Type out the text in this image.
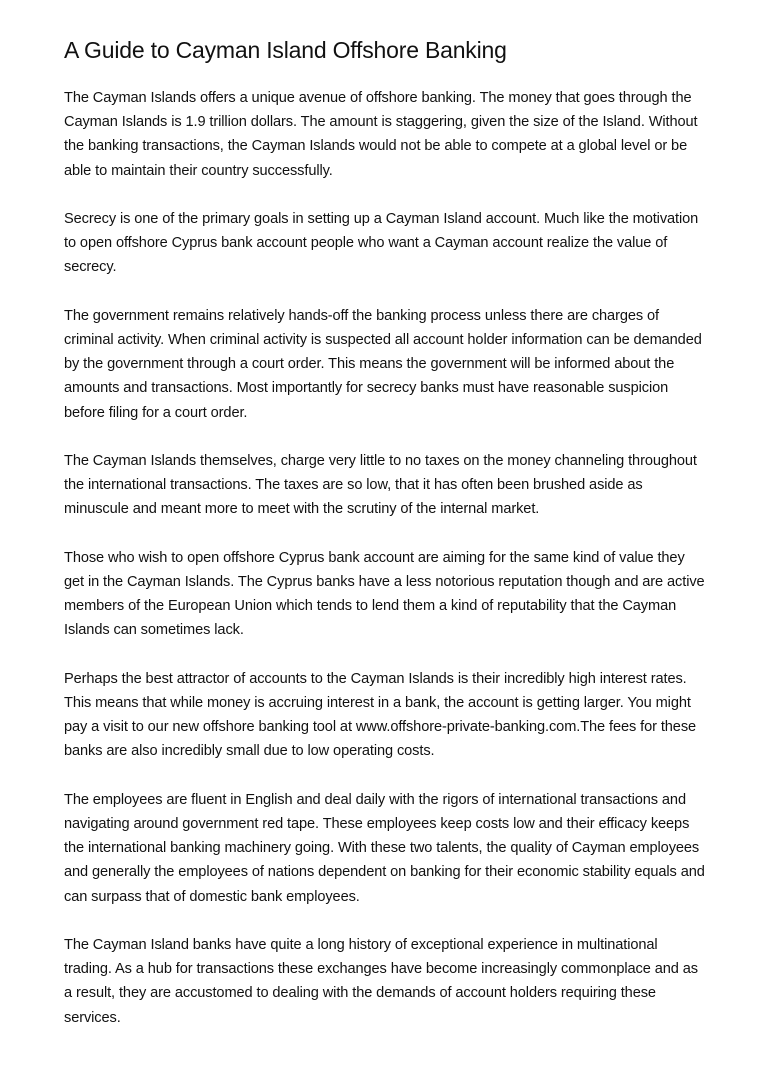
A Guide to Cayman Island Offshore Banking

The Cayman Islands offers a unique avenue of offshore banking. The money that goes through the Cayman Islands is 1.9 trillion dollars. The amount is staggering, given the size of the Island. Without the banking transactions, the Cayman Islands would not be able to compete at a global level or be able to maintain their country successfully.

Secrecy is one of the primary goals in setting up a Cayman Island account. Much like the motivation to open offshore Cyprus bank account people who want a Cayman account realize the value of secrecy.

The government remains relatively hands-off the banking process unless there are charges of criminal activity. When criminal activity is suspected all account holder information can be demanded by the government through a court order. This means the government will be informed about the amounts and transactions. Most importantly for secrecy banks must have reasonable suspicion before filing for a court order.

The Cayman Islands themselves, charge very little to no taxes on the money channeling throughout the international transactions. The taxes are so low, that it has often been brushed aside as minuscule and meant more to meet with the scrutiny of the internal market.

Those who wish to open offshore Cyprus bank account are aiming for the same kind of value they get in the Cayman Islands. The Cyprus banks have a less notorious reputation though and are active members of the European Union which tends to lend them a kind of reputability that the Cayman Islands can sometimes lack.

Perhaps the best attractor of accounts to the Cayman Islands is their incredibly high interest rates. This means that while money is accruing interest in a bank, the account is getting larger. You might pay a visit to our new offshore banking tool at www.offshore-private-banking.com.The fees for these banks are also incredibly small due to low operating costs.

The employees are fluent in English and deal daily with the rigors of international transactions and navigating around government red tape. These employees keep costs low and their efficacy keeps the international banking machinery going. With these two talents, the quality of Cayman employees and generally the employees of nations dependent on banking for their economic stability equals and can surpass that of domestic bank employees.

The Cayman Island banks have quite a long history of exceptional experience in multinational trading. As a hub for transactions these exchanges have become increasingly commonplace and as a result, they are accustomed to dealing with the demands of account holders requiring these services.
